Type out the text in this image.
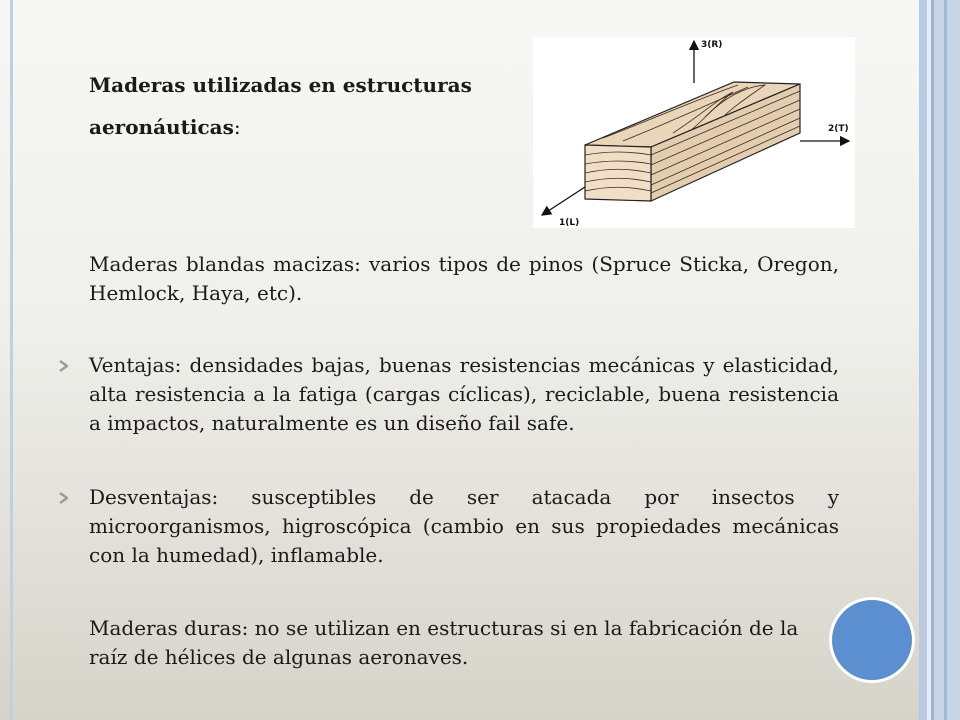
Maderas utilizadas en estructuras
aeronáuticas:
3(R)
2(T)
1(L)

Maderas blandas macizas: varios tipos de pinos (Spruce Sticka, Oregon, Hemlock, Haya, etc).

Ventajas: densidades bajas, buenas resistencias mecánicas y elasticidad, alta resistencia a la fatiga (cargas cíclicas), reciclable, buena resistencia a impactos, naturalmente es un diseño fail safe.

Desventajas: susceptibles de ser atacada por insectos y microorganismos, higroscópica (cambio en sus propiedades mecánicas con la humedad), inflamable.

Maderas duras: no se utilizan en estructuras si en la fabricación de la raíz de hélices de algunas aeronaves.
